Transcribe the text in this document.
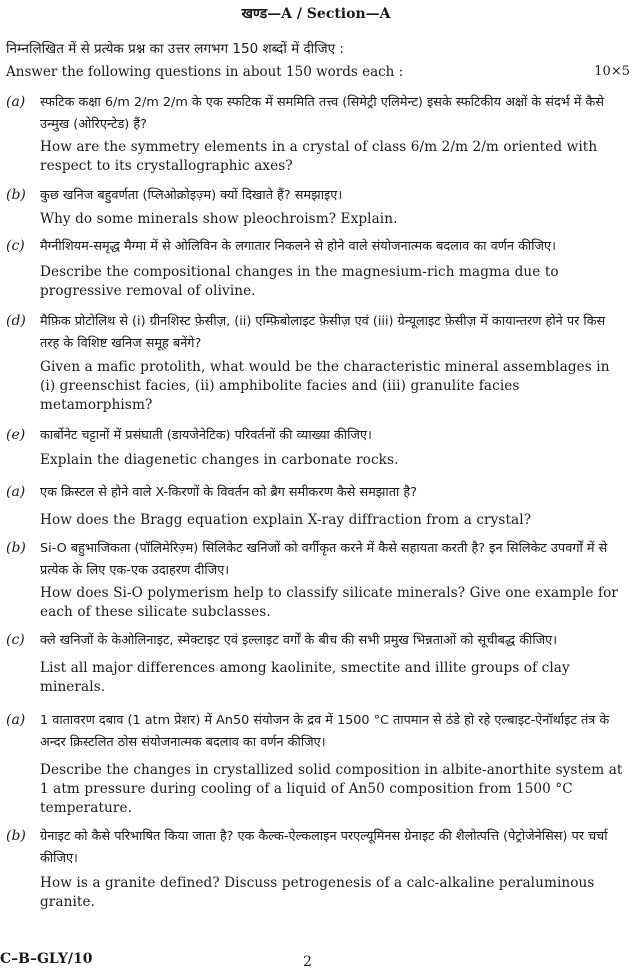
खण्ड—A / Section—A
निम्नलिखित में से प्रत्येक प्रश्न का उत्तर लगभग 150 शब्दों में दीजिए :
Answer the following questions in about 150 words each :	10×5
(a) स्फटिक कक्षा 6/m 2/m 2/m के एक स्फटिक में सममिति तत्त्व (सिमेट्री एलिमेन्ट) इसके स्फटिकीय अक्षों के संदर्भ में कैसे उन्मुख (ओरिएन्टेड) हैं?
How are the symmetry elements in a crystal of class 6/m 2/m 2/m oriented with respect to its crystallographic axes?
(b) कुछ खनिज बहुवर्णता (प्लिओक्रोइज़्म) क्यों दिखाते हैं? समझाइए।
Why do some minerals show pleochroism? Explain.
(c) मैग्नीशियम-समृद्ध मैग्मा में से ओलिविन के लगातार निकलने से होने वाले संयोजनात्मक बदलाव का वर्णन कीजिए।
Describe the compositional changes in the magnesium-rich magma due to progressive removal of olivine.
(d) मैफ़िक प्रोटोलिथ से (i) ग्रीनशिस्ट फ़ेसीज़, (ii) एम्फ़िबोलाइट फ़ेसीज़ एवं (iii) ग्रेन्यूलाइट फ़ेसीज़ में कायान्तरण होने पर किस तरह के विशिष्ट खनिज समूह बनेंगे?
Given a mafic protolith, what would be the characteristic mineral assemblages in (i) greenschist facies, (ii) amphibolite facies and (iii) granulite facies metamorphism?
(e) कार्बोनेट चट्टानों में प्रसंघाती (डायजेनेटिक) परिवर्तनों की व्याख्या कीजिए।
Explain the diagenetic changes in carbonate rocks.
(a) एक क्रिस्टल से होने वाले X-किरणों के विवर्तन को ब्रैग समीकरण कैसे समझाता है?
How does the Bragg equation explain X-ray diffraction from a crystal?
(b) Si-O बहुभाजिकता (पॉलिमेरिज़्म) सिलिकेट खनिजों को वर्गीकृत करने में कैसे सहायता करती है? इन सिलिकेट उपवर्गों में से प्रत्येक के लिए एक-एक उदाहरण दीजिए।
How does Si-O polymerism help to classify silicate minerals? Give one example for each of these silicate subclasses.
(c) क्ले खनिजों के केओलिनाइट, स्मेक्टाइट एवं इल्लाइट वर्गों के बीच की सभी प्रमुख भिन्नताओं को सूचीबद्ध कीजिए।
List all major differences among kaolinite, smectite and illite groups of clay minerals.
(a) 1 वातावरण दबाव (1 atm प्रेशर) में An50 संयोजन के द्रव में 1500 °C तापमान से ठंडे हो रहे एल्बाइट-ऐनॉर्थाइट तंत्र के अन्दर क्रिस्टलित ठोस संयोजनात्मक बदलाव का वर्णन कीजिए।
Describe the changes in crystallized solid composition in albite-anorthite system at 1 atm pressure during cooling of a liquid of An50 composition from 1500 °C temperature.
(b) ग्रेनाइट को कैसे परिभाषित किया जाता है? एक कैल्क-ऐल्कलाइन परएल्यूमिनस ग्रेनाइट की शैलोत्पत्ति (पेट्रोजेनेसिस) पर चर्चा कीजिए।
How is a granite defined? Discuss petrogenesis of a calc-alkaline peraluminous granite.
C–B–GLY/10	2
